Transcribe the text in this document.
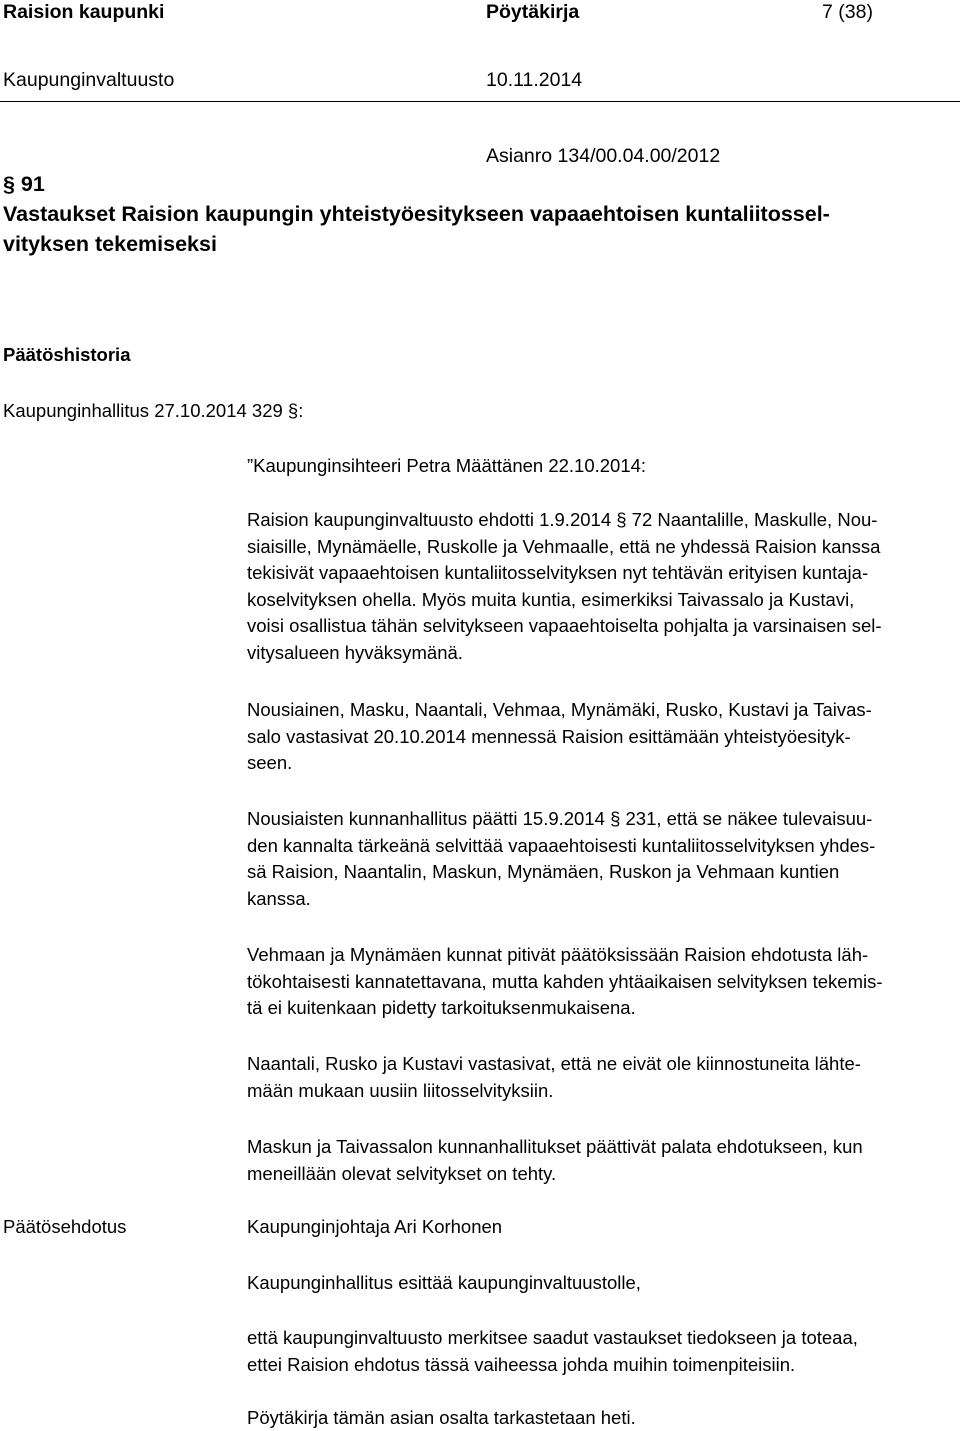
Raision kaupunki	Pöytäkirja	7 (38)
Kaupunginvaltuusto	10.11.2014
Asianro 134/00.04.00/2012
§ 91
Vastaukset Raision kaupungin yhteistyöesitykseen vapaaehtoisen kuntaliitossel-
vityksen tekemiseksi
Päätöshistoria
Kaupunginhallitus 27.10.2014 329 §:
”Kaupunginsihteeri Petra Määttänen 22.10.2014:

Raision kaupunginvaltuusto ehdotti 1.9.2014 § 72 Naantalille, Maskulle, Nou-

siaisille, Mynämäelle, Ruskolle ja Vehmaalle, että ne yhdessä Raision kanssa

tekisivät vapaaehtoisen kuntaliitosselvityksen nyt tehtävän erityisen kuntaja-

koselvityksen ohella. Myös muita kuntia, esimerkiksi Taivassalo ja Kustavi,

voisi osallistua tähän selvitykseen vapaaehtoiselta pohjalta ja varsinaisen sel-

vitysalueen hyväksymänä.

Nousiainen, Masku, Naantali, Vehmaa, Mynämäki, Rusko, Kustavi ja Taivas-

salo vastasivat 20.10.2014 mennessä Raision esittämään yhteistyöesityk-

seen.

Nousiaisten kunnanhallitus päätti 15.9.2014 § 231, että se näkee tulevaisuu-

den kannalta tärkeänä selvittää vapaaehtoisesti kuntaliitosselvityksen yhdes-

sä Raision, Naantalin, Maskun, Mynämäen, Ruskon ja Vehmaan kuntien

kanssa.

Vehmaan ja Mynämäen kunnat pitivät päätöksissään Raision ehdotusta läh-

tökohtaisesti kannatettavana, mutta kahden yhtäaikaisen selvityksen tekemis-

tä ei kuitenkaan pidetty tarkoituksenmukaisena.

Naantali, Rusko ja Kustavi vastasivat, että ne eivät ole kiinnostuneita lähte-

mään mukaan uusiin liitosselvityksiin.

Maskun ja Taivassalon kunnanhallitukset päättivät palata ehdotukseen, kun

meneillään olevat selvitykset on tehty.

Päätösehdotus	Kaupunginjohtaja Ari Korhonen
Kaupunginhallitus esittää kaupunginvaltuustolle,

että kaupunginvaltuusto merkitsee saadut vastaukset tiedokseen ja toteaa,

ettei Raision ehdotus tässä vaiheessa johda muihin toimenpiteisiin.

Pöytäkirja tämän asian osalta tarkastetaan heti.
